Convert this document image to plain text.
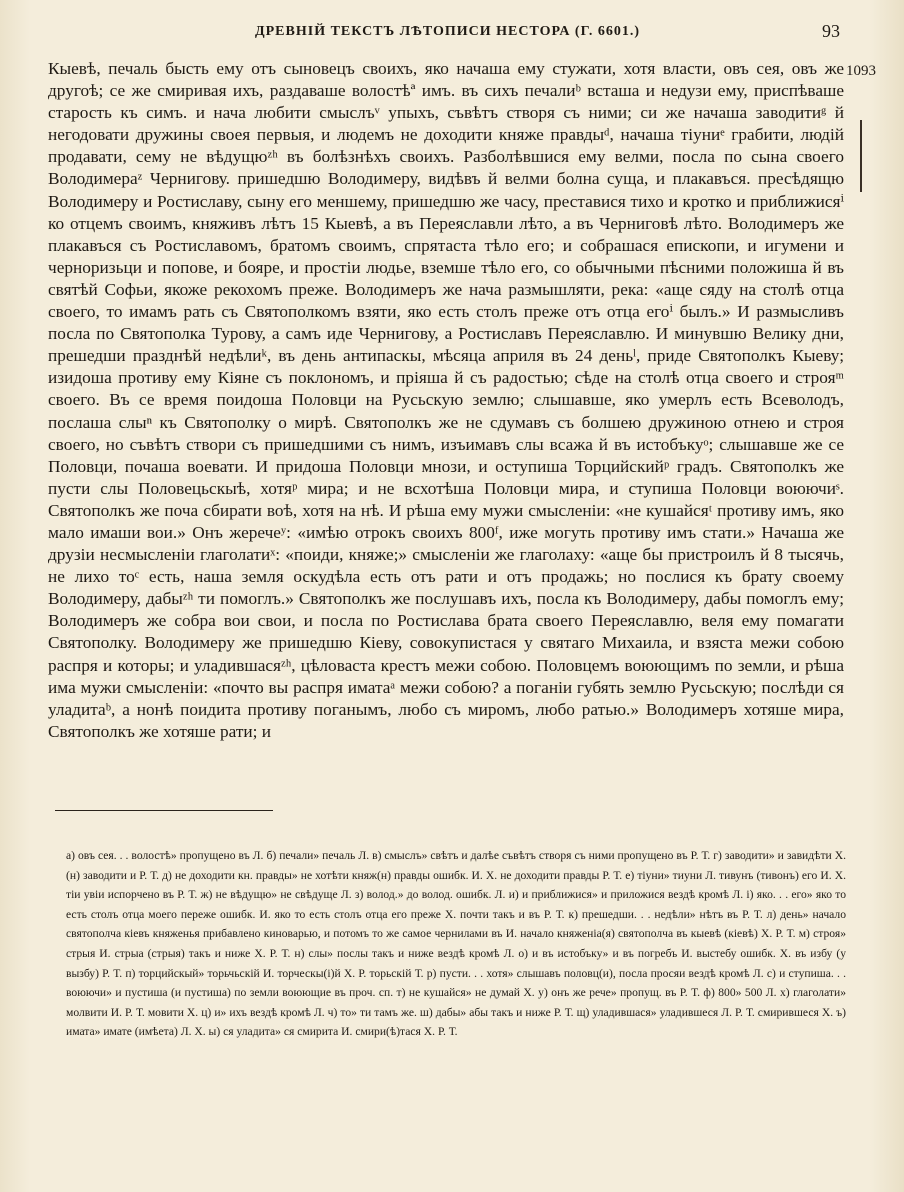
ДРЕВНІЙ ТЕКСТЪ ЛѢТОПИСИ НЕСТОРА (Г. 6601.)	93
1093

Кыевѣ, печаль бысть ему отъ сыновецъ своихъ, яко начаша ему стужати, хотя власти, овъ сея, овъ же другоѣ; се же смиривая ихъ, раздаваше волостѣª имъ. въ сихъ печалиᵇ всташа и недузи ему, приспѣваше старость къ симъ. и нача любити смыслъᵛ упыхъ, съвѣтъ створя съ ними; си же начаша заводитиᵍ й негодовати дружины своея первыя, и людемъ не доходити княже правдыᵈ, начаша тіуниᵉ грабити, людій продавати, сему не вѣдущюᶻʰ въ болѣзнѣхъ своихъ. Разболѣвшися ему велми, посла по сына своего Володимераᶻ Чернигову. пришедшю Володимеру, видѣвъ й велми болна суща, и плакавъся. пресѣдящю Володимеру и Ростиславу, сыну его меншему, пришедшю же часу, преставися тихо и кротко и приближисяⁱ ко отцемъ своимъ, княживъ лѣтъ 15 Кыевѣ, а въ Переяславли лѣто, а въ Черниговѣ лѣто. Володимеръ же плакавъся съ Ростиславомъ, братомъ своимъ, спрятаста тѣло его; и собрашася епископи, и игумени и черноризьци и попове, и бояре, и простіи людье, вземше тѣло его, со обычными пѣсними положиша й въ святѣй Софьи, якоже рекохомъ преже. Володимеръ же нача размышляти, река: «аще сяду на столѣ отца своего, то имамъ рать съ Святополкомъ взяти, яко есть столъ преже отъ отца егоⁱ былъ.» И размысливъ посла по Святополка Турову, а самъ иде Чернигову, а Ростиславъ Переяславлю. И минувшю Велику дни, прешедши празднѣй недѣлиᵏ, въ день антипаскы, мѣсяца априля въ 24 деньˡ, приде Святополкъ Кыеву; изидоша противу ему Кіяне съ поклономъ, и пріяша й съ радостью; сѣде на столѣ отца своего и строяᵐ своего. Въ се время поидоша Половци на Русьскую землю; слышавше, яко умерлъ есть Всеволодъ, послаша слыⁿ къ Святополку о мирѣ. Святополкъ же не сдумавъ съ болшею дружиною отнею и строя своего, но съвѣтъ створи съ пришедшими съ нимъ, изъимавъ слы всажа й въ истобъкуᵒ; слышавше же се Половци, почаша воевати. И придоша Половци мнози, и оступиша Торцийскийᵖ градъ. Святополкъ же пусти слы Половецьскыѣ, хотяᵖ мира; и не всхотѣша Половци мира, и ступиша Половци воюючиˢ. Святополкъ же поча сбирати воѣ, хотя на нѣ. И рѣша ему мужи смысленіи: «не кушайсяᵗ противу имъ, яко мало имаши вои.» Онъ жеречеʸ: «имѣю отрокъ своихъ 800ᶠ, иже могуть противу имъ стати.» Начаша же друзіи несмысленіи глаголатиˣ: «поиди, княже;» смысленіи же глаголаху: «аще бы пристроилъ й 8 тысячь, не лихо тоᶜ есть, наша земля оскудѣла есть отъ рати и отъ продажь; но послися къ брату своему Володимеру, дабыᶻʰ ти помоглъ.» Святополкъ же послушавъ ихъ, посла къ Володимеру, дабы помоглъ ему; Володимеръ же собра вои свои, и посла по Ростислава брата своего Переяславлю, веля ему помагати Святополку. Володимеру же пришедшю Кіеву, совокупистася у святаго Михаила, и взяста межи собою распря и которы; и уладившасяᶻʰ, цѣловаста крестъ межи собою. Половцемъ воюющимъ по земли, и рѣша има мужи смысленіи: «почто вы распря иматаᵃ межи собою? а поганіи губять землю Русьскую; послѣди ся уладитаᵇ, а нонѣ поидита противу поганымъ, любо съ миромъ, любо ратью.» Володимеръ хотяше мира, Святополкъ же хотяше рати; и

а) овъ сея. . . волостѣ» пропущено въ Л. б) печали» печаль Л. в) смыслъ» свѣтъ и далѣе съвѣтъ створя съ ними пропущено въ Р. Т. г) заводити» и завидѣти Х. (н) заводити и Р. Т. д) не доходити кн. правды» не хотѣти княж(н) правды ошибк. И. Х. не доходити правды Р. Т. е) тіуни» тиуни Л. тивунъ (тивонъ) его И. Х. тiи увіи испорчено въ Р. Т. ж) не вѣдущю» не свѣдуще Л. з) волод.» до волод. ошибк. Л. и) и приближися» и приложися вездѣ кромѣ Л. і) яко. . . его» яко то есть столъ отца моего переже ошибк. И. яко то есть столъ отца его преже Х. почти такъ и въ Р. Т. к) прешедши. . . недѣли» нѣтъ въ Р. Т. л) день» начало святополча кіевъ княженья прибавлено киноварью, и потомъ то же самое чернилами въ И. начало княженіа(я) святополча въ кыевѣ (кіевѣ) Х. Р. Т. м) строя» стрыя И. стрыа (стрыя) такъ и ниже Х. Р. Т. н) слы» послы такъ и ниже вездѣ кромѣ Л. о) и въ истобъку» и въ погребъ И. выстебу ошибк. Х. въ избу (у вызбу) Р. Т. п) торцийскый» торьчьскій И. торческы(і)й Х. Р. торьскій Т. р) пусти. . . хотя» слышавъ половц(и), посла просяи вездѣ кромѣ Л. с) и ступиша. . . воюючи» и пустиша (и пустиша) по земли воюющие въ проч. сп. т) не кушайся» не думай Х. у) онъ же рече» пропущ. въ Р. Т. ф) 800» 500 Л. х) глаголати» молвити И. Р. Т. мовити Х. ц) и» ихъ вездѣ кромѣ Л. ч) то» ти тамъ же. ш) дабы» абы такъ и ниже Р. Т. щ) уладившася» уладившеся Л. Р. Т. смирившеся Х. ъ) имата» имате (имѣета) Л. Х. ы) ся уладита» ся смирита И. смири(ѣ)тася Х. Р. Т.
